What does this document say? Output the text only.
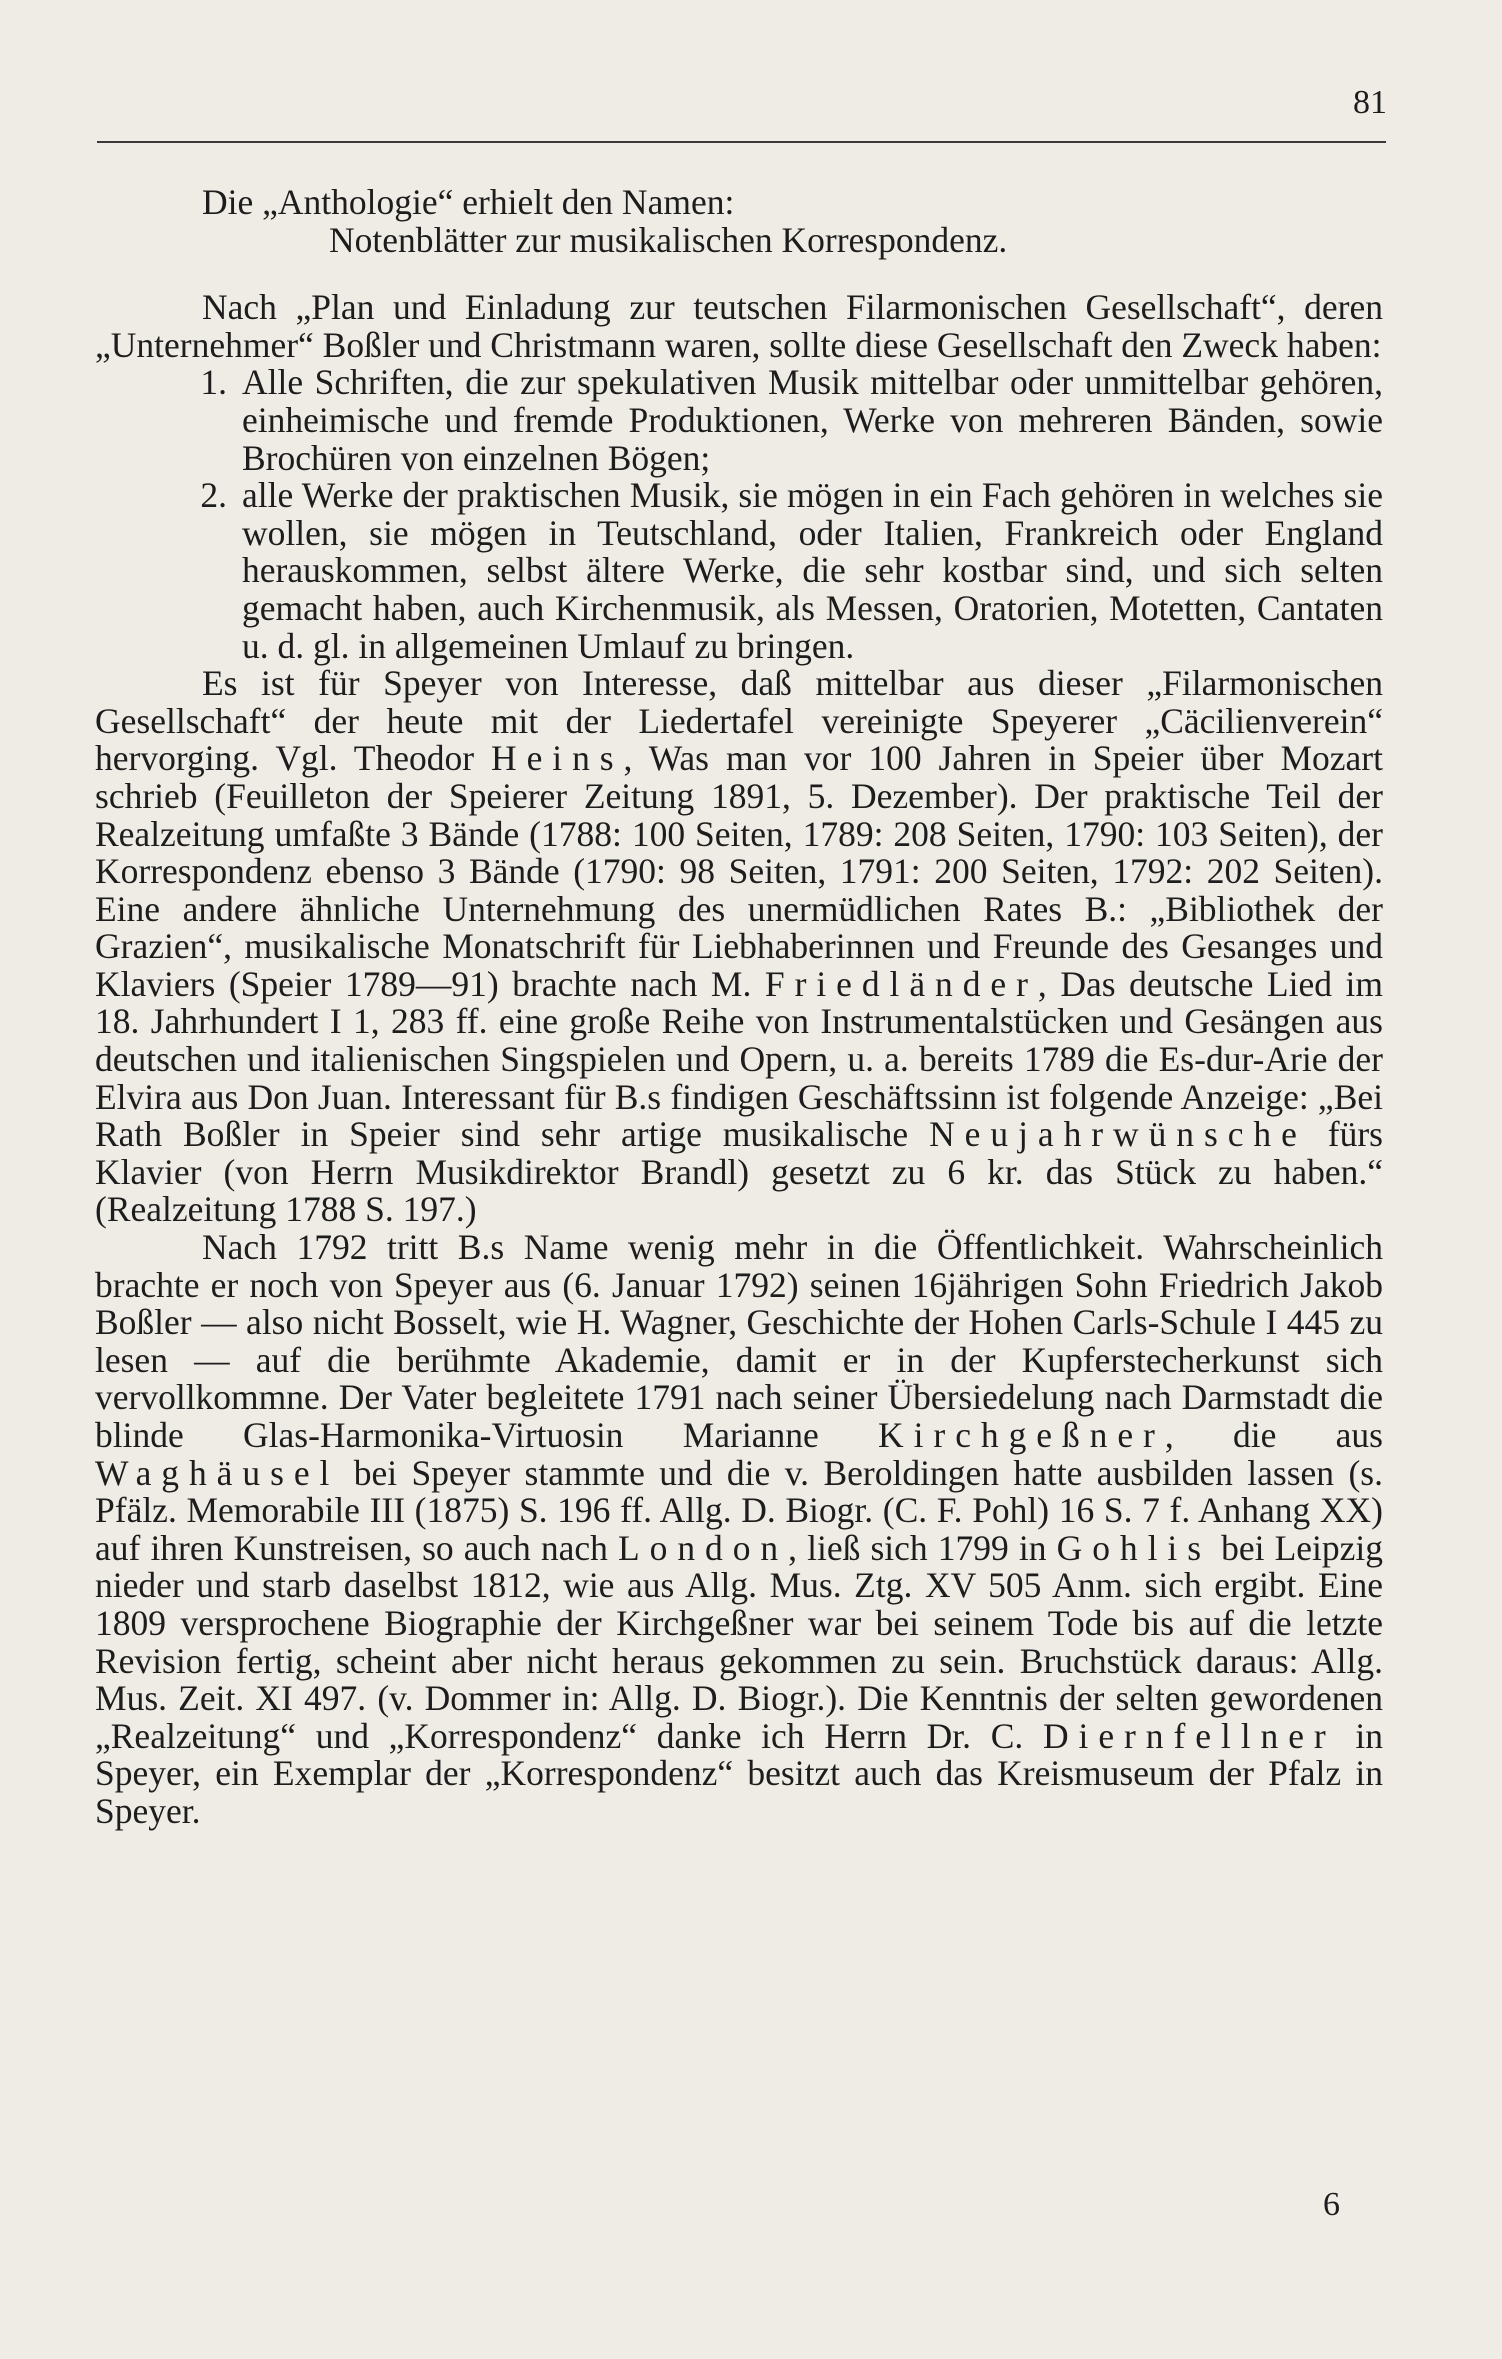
81

Die „Anthologie“ erhielt den Namen:

Notenblätter zur musikalischen Korrespondenz.

Nach „Plan und Einladung zur teutschen Filarmonischen Gesellschaft“, deren „Unternehmer“ Boßler und Christmann waren, sollte diese Gesellschaft den Zweck haben:

1. Alle Schriften, die zur spekulativen Musik mittelbar oder unmittelbar gehören, einheimische und fremde Produktionen, Werke von mehreren Bänden, sowie Brochüren von einzelnen Bögen;
2. alle Werke der praktischen Musik, sie mögen in ein Fach gehören in welches sie wollen, sie mögen in Teutschland, oder Italien, Frankreich oder England herauskommen, selbst ältere Werke, die sehr kostbar sind, und sich selten gemacht haben, auch Kirchenmusik, als Messen, Oratorien, Motetten, Cantaten u. d. gl. in allgemeinen Umlauf zu bringen.

Es ist für Speyer von Interesse, daß mittelbar aus dieser „Filarmonischen Gesellschaft“ der heute mit der Liedertafel vereinigte Speyerer „Cäcilienverein“ hervorging. Vgl. Theodor Heins, Was man vor 100 Jahren in Speier über Mozart schrieb (Feuilleton der Speierer Zeitung 1891, 5. Dezember). Der praktische Teil der Realzeitung umfaßte 3 Bände (1788: 100 Seiten, 1789: 208 Seiten, 1790: 103 Seiten), der Korrespondenz ebenso 3 Bände (1790: 98 Seiten, 1791: 200 Seiten, 1792: 202 Seiten). Eine andere ähnliche Unternehmung des unermüdlichen Rates B.: „Bibliothek der Grazien“, musikalische Monatschrift für Liebhaberinnen und Freunde des Gesanges und Klaviers (Speier 1789—91) brachte nach M. Friedländer, Das deutsche Lied im 18. Jahrhundert I 1, 283 ff. eine große Reihe von Instrumentalstücken und Gesängen aus deutschen und italienischen Singspielen und Opern, u. a. bereits 1789 die Es-dur-Arie der Elvira aus Don Juan. Interessant für B.s findigen Geschäftssinn ist folgende Anzeige: „Bei Rath Boßler in Speier sind sehr artige musikalische Neujahrwünsche fürs Klavier (von Herrn Musikdirektor Brandl) gesetzt zu 6 kr. das Stück zu haben.“ (Realzeitung 1788 S. 197.)

Nach 1792 tritt B.s Name wenig mehr in die Öffentlichkeit. Wahrscheinlich brachte er noch von Speyer aus (6. Januar 1792) seinen 16jährigen Sohn Friedrich Jakob Boßler — also nicht Bosselt, wie H. Wagner, Geschichte der Hohen Carls-Schule I 445 zu lesen — auf die berühmte Akademie, damit er in der Kupferstecherkunst sich vervollkommne. Der Vater begleitete 1791 nach seiner Übersiedelung nach Darmstadt die blinde Glas-Harmonika-Virtuosin Marianne Kirchgeßner, die aus Waghäusel bei Speyer stammte und die v. Beroldingen hatte ausbilden lassen (s. Pfälz. Memorabile III (1875) S. 196 ff. Allg. D. Biogr. (C. F. Pohl) 16 S. 7 f. Anhang XX) auf ihren Kunstreisen, so auch nach London, ließ sich 1799 in Gohlis bei Leipzig nieder und starb daselbst 1812, wie aus Allg. Mus. Ztg. XV 505 Anm. sich ergibt. Eine 1809 versprochene Biographie der Kirchgeßner war bei seinem Tode bis auf die letzte Revision fertig, scheint aber nicht heraus gekommen zu sein. Bruchstück daraus: Allg. Mus. Zeit. XI 497. (v. Dommer in: Allg. D. Biogr.). Die Kenntnis der selten gewordenen „Realzeitung“ und „Korrespondenz“ danke ich Herrn Dr. C. Diernfellner in Speyer, ein Exemplar der „Korrespondenz“ besitzt auch das Kreismuseum der Pfalz in Speyer.

6
